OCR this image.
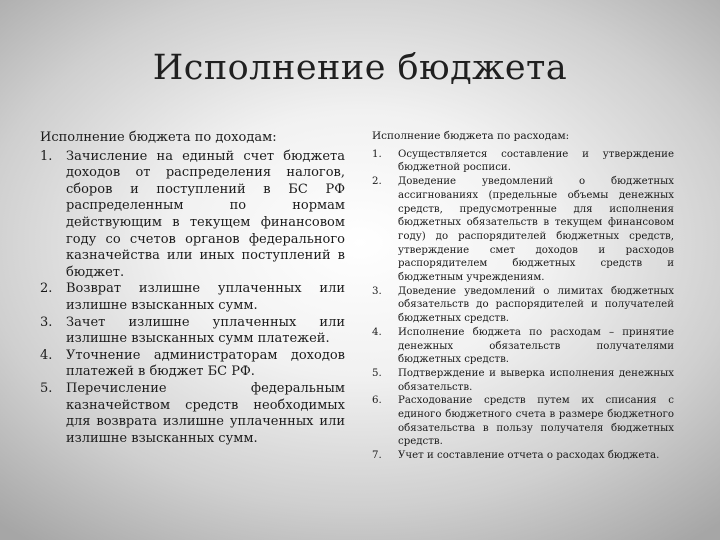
Исполнение бюджета
Исполнение бюджета по доходам:
1.	Зачисление на единый счет бюджета доходов от распределения налогов, сборов и поступлений в БС РФ распределенным по нормам действующим в текущем финансовом году со счетов органов федерального казначейства или иных поступлений в бюджет.
2.	Возврат излишне уплаченных или излишне взысканных сумм.
3.	Зачет излишне уплаченных или излишне взысканных сумм платежей.
4.	Уточнение администраторам доходов платежей в бюджет БС РФ.
5.	Перечисление федеральным казначейством средств необходимых для возврата излишне уплаченных или излишне взысканных сумм.
Исполнение бюджета по расходам:
1.	Осуществляется составление и утверждение бюджетной росписи.
2.	Доведение уведомлений о бюджетных ассигнованиях (предельные объемы денежных средств, предусмотренные для исполнения бюджетных обязательств в текущем финансовом году) до распорядителей бюджетных средств, утверждение смет доходов и расходов распорядителем бюджетных средств и бюджетным учреждениям.
3.	Доведение уведомлений о лимитах бюджетных обязательств до распорядителей и получателей бюджетных средств.
4.	Исполнение бюджета по расходам – принятие денежных обязательств получателями бюджетных средств.
5.	Подтверждение и выверка исполнения денежных обязательств.
6.	Расходование средств путем их списания с единого бюджетного счета в размере бюджетного обязательства в пользу получателя бюджетных средств.
7.	Учет и составление отчета о расходах бюджета.
